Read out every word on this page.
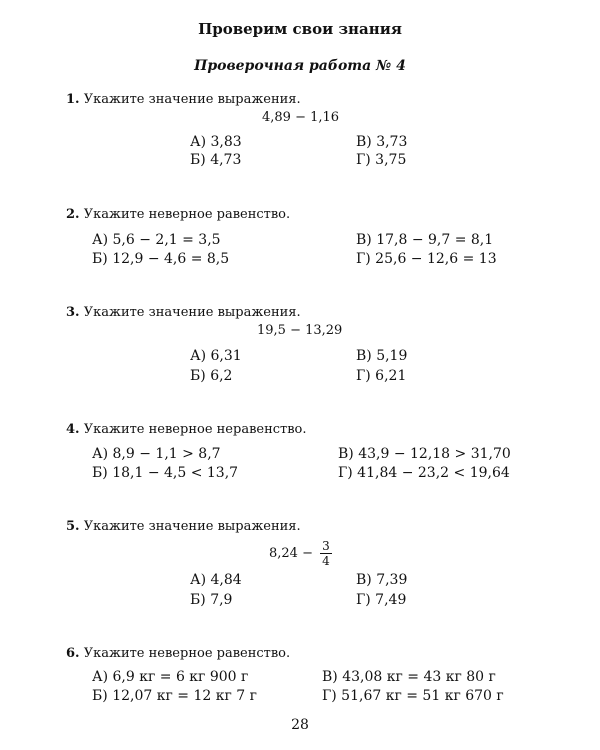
Проверим свои знания
Проверочная работа № 4
1. Укажите значение выражения.
4,89 − 1,16
А) 3,83	В) 3,73
Б) 4,73	Г) 3,75
2. Укажите неверное равенство.
А) 5,6 − 2,1 = 3,5	В) 17,8 − 9,7 = 8,1
Б) 12,9 − 4,6 = 8,5	Г) 25,6 − 12,6 = 13
3. Укажите значение выражения.
19,5 − 13,29
А) 6,31	В) 5,19
Б) 6,2	Г) 6,21
4. Укажите неверное неравенство.
А) 8,9 − 1,1 > 8,7	В) 43,9 − 12,18 > 31,70
Б) 18,1 − 4,5 < 13,7	Г) 41,84 − 23,2 < 19,64
5. Укажите значение выражения.
$8,24 - \frac{3}{4}$
А) 4,84	В) 7,39
Б) 7,9	Г) 7,49
6. Укажите неверное равенство.
А) 6,9 кг = 6 кг 900 г	В) 43,08 кг = 43 кг 80 г
Б) 12,07 кг = 12 кг 7 г	Г) 51,67 кг = 51 кг 670 г
28
